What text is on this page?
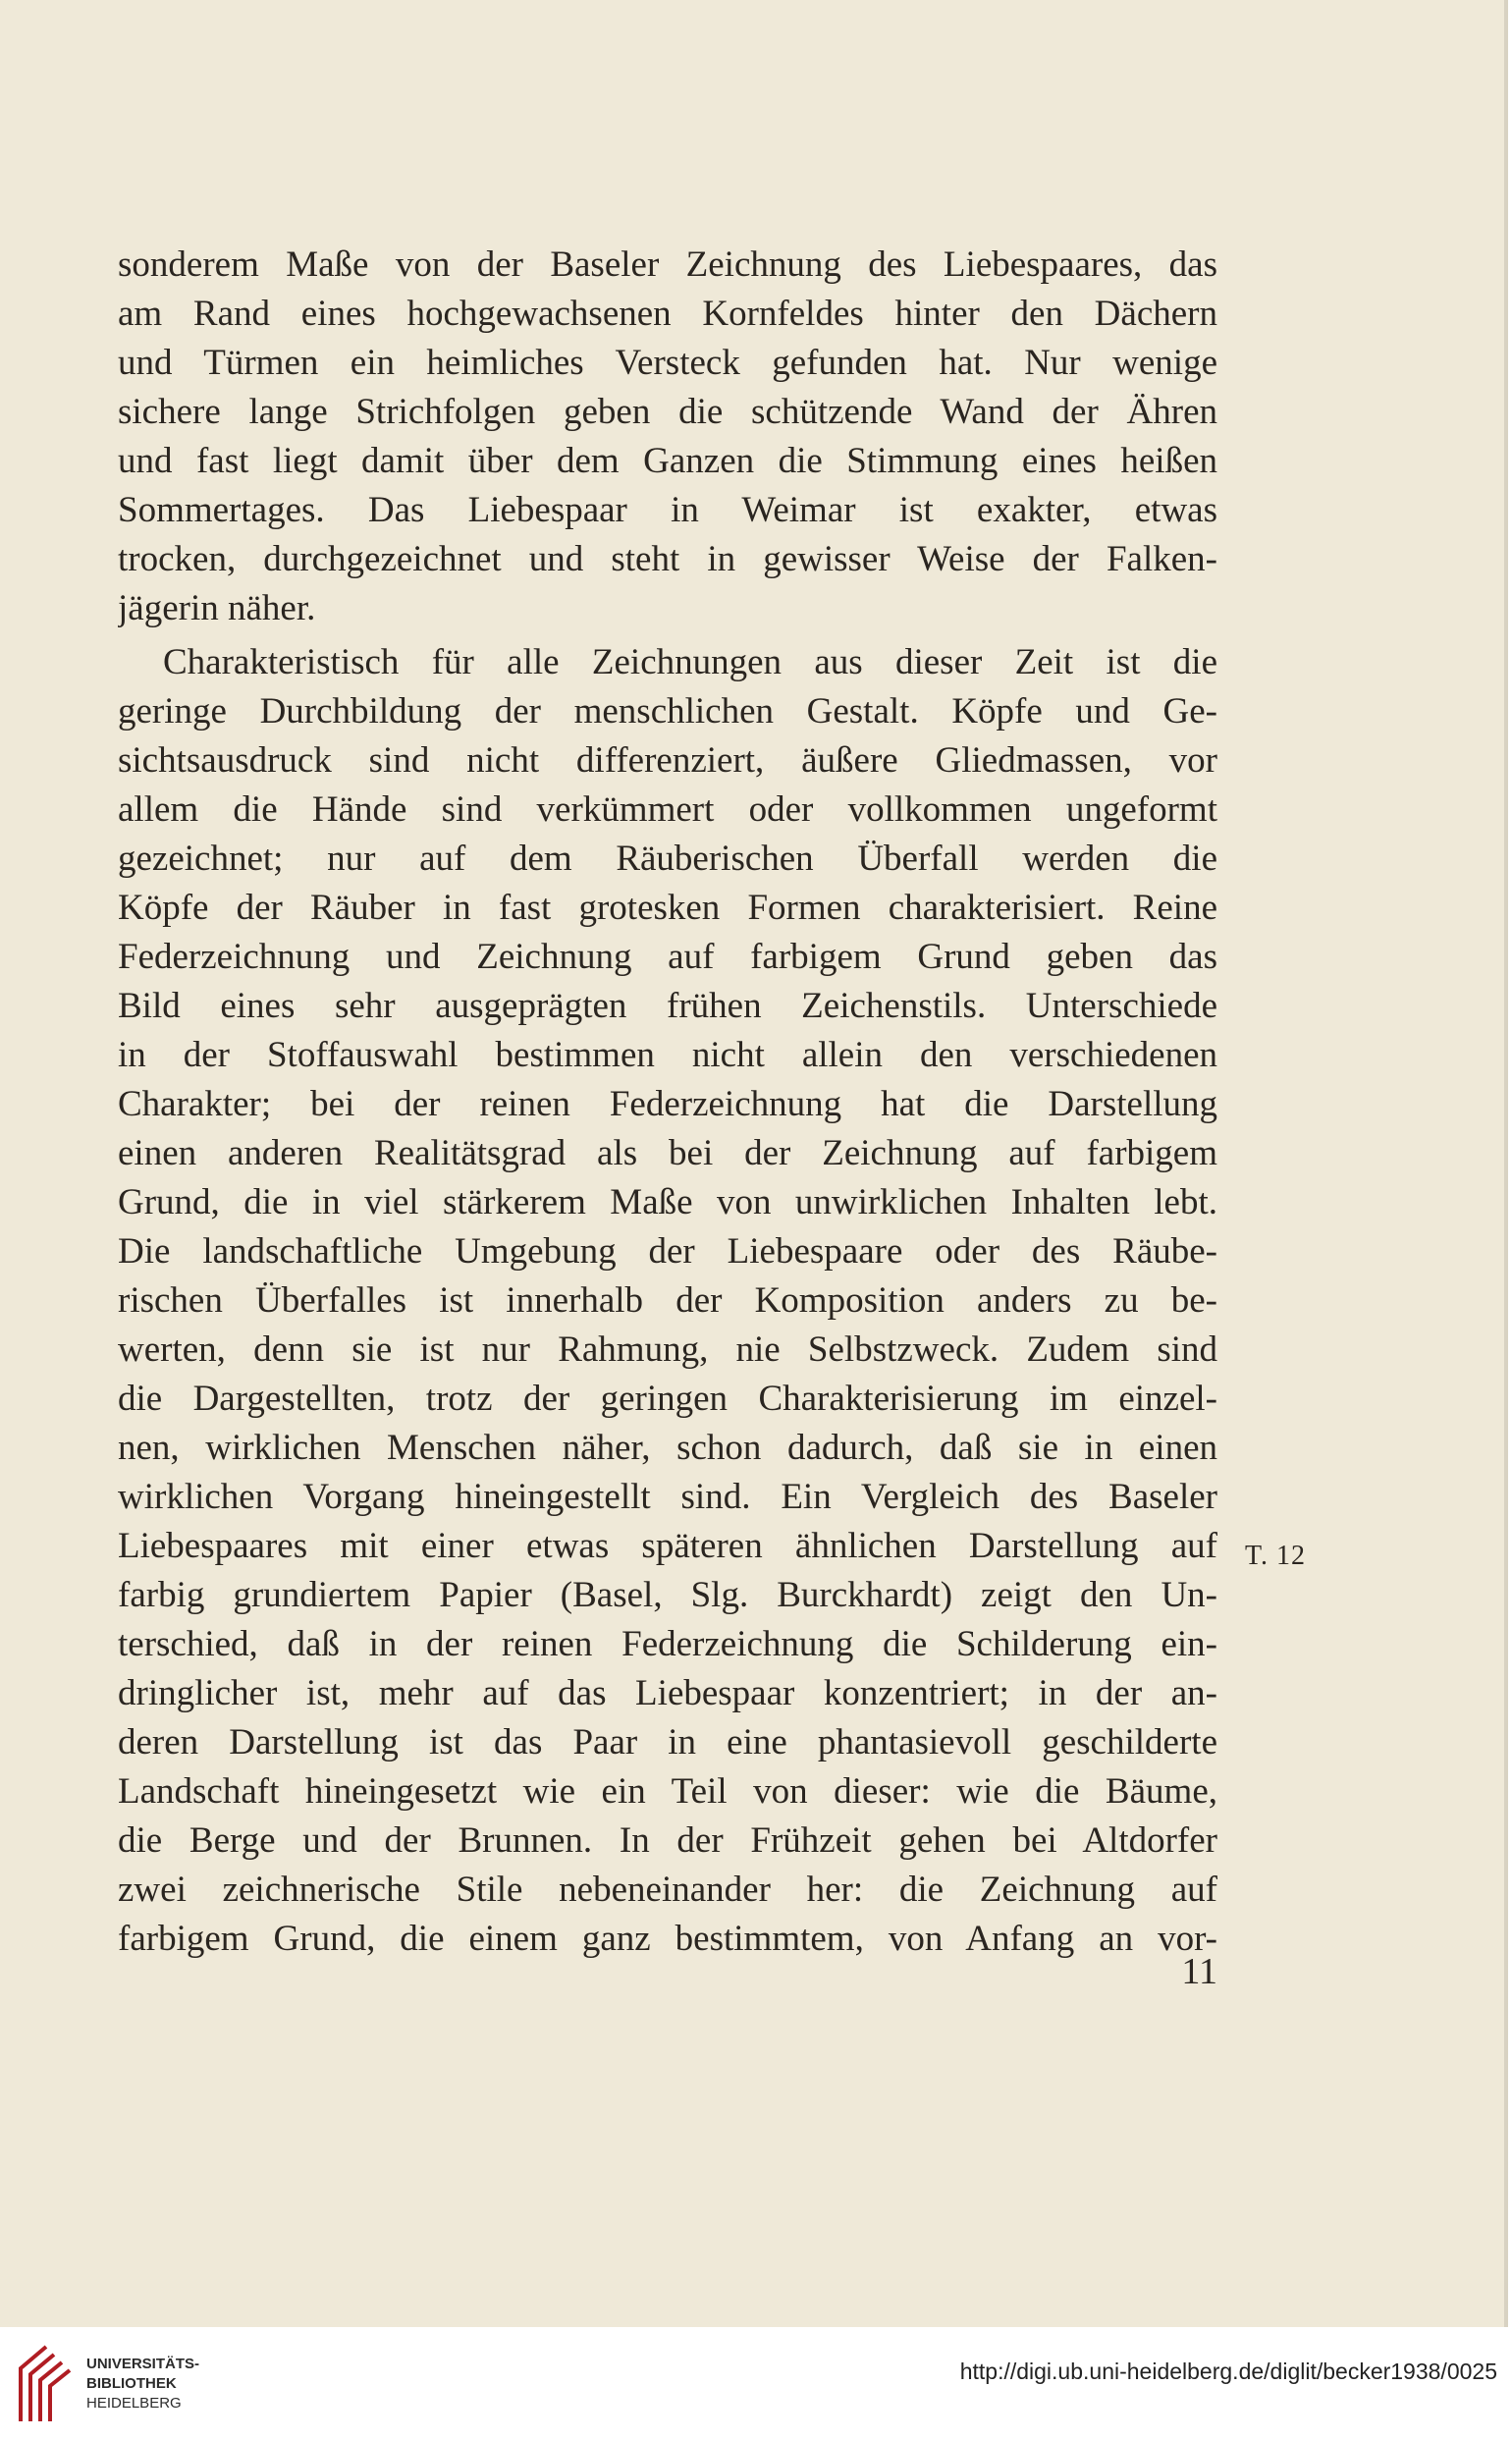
sonderem Maße von der Baseler Zeichnung des Liebespaares, das
am Rand eines hochgewachsenen Kornfeldes hinter den Dächern
und Türmen ein heimliches Versteck gefunden hat. Nur wenige
sichere lange Strichfolgen geben die schützende Wand der Ähren
und fast liegt damit über dem Ganzen die Stimmung eines heißen
Sommertages. Das Liebespaar in Weimar ist exakter, etwas
trocken, durchgezeichnet und steht in gewisser Weise der Falken-
jägerin näher.
Charakteristisch für alle Zeichnungen aus dieser Zeit ist die
geringe Durchbildung der menschlichen Gestalt. Köpfe und Ge-
sichtsausdruck sind nicht differenziert, äußere Gliedmassen, vor
allem die Hände sind verkümmert oder vollkommen ungeformt
gezeichnet; nur auf dem Räuberischen Überfall werden die
Köpfe der Räuber in fast grotesken Formen charakterisiert. Reine
Federzeichnung und Zeichnung auf farbigem Grund geben das
Bild eines sehr ausgeprägten frühen Zeichenstils. Unterschiede
in der Stoffauswahl bestimmen nicht allein den verschiedenen
Charakter; bei der reinen Federzeichnung hat die Darstellung
einen anderen Realitätsgrad als bei der Zeichnung auf farbigem
Grund, die in viel stärkerem Maße von unwirklichen Inhalten lebt.
Die landschaftliche Umgebung der Liebespaare oder des Räube-
rischen Überfalles ist innerhalb der Komposition anders zu be-
werten, denn sie ist nur Rahmung, nie Selbstzweck. Zudem sind
die Dargestellten, trotz der geringen Charakterisierung im einzel-
nen, wirklichen Menschen näher, schon dadurch, daß sie in einen
wirklichen Vorgang hineingestellt sind. Ein Vergleich des Baseler
Liebespaares mit einer etwas späteren ähnlichen Darstellung auf
farbig grundiertem Papier (Basel, Slg. Burckhardt) zeigt den Un-
terschied, daß in der reinen Federzeichnung die Schilderung ein-
dringlicher ist, mehr auf das Liebespaar konzentriert; in der an-
deren Darstellung ist das Paar in eine phantasievoll geschilderte
Landschaft hineingesetzt wie ein Teil von dieser: wie die Bäume,
die Berge und der Brunnen. In der Frühzeit gehen bei Altdorfer
zwei zeichnerische Stile nebeneinander her: die Zeichnung auf
farbigem Grund, die einem ganz bestimmtem, von Anfang an vor-
T. 12
11
UNIVERSITÄTS-
BIBLIOTHEK
HEIDELBERG
http://digi.ub.uni-heidelberg.de/diglit/becker1938/0025
